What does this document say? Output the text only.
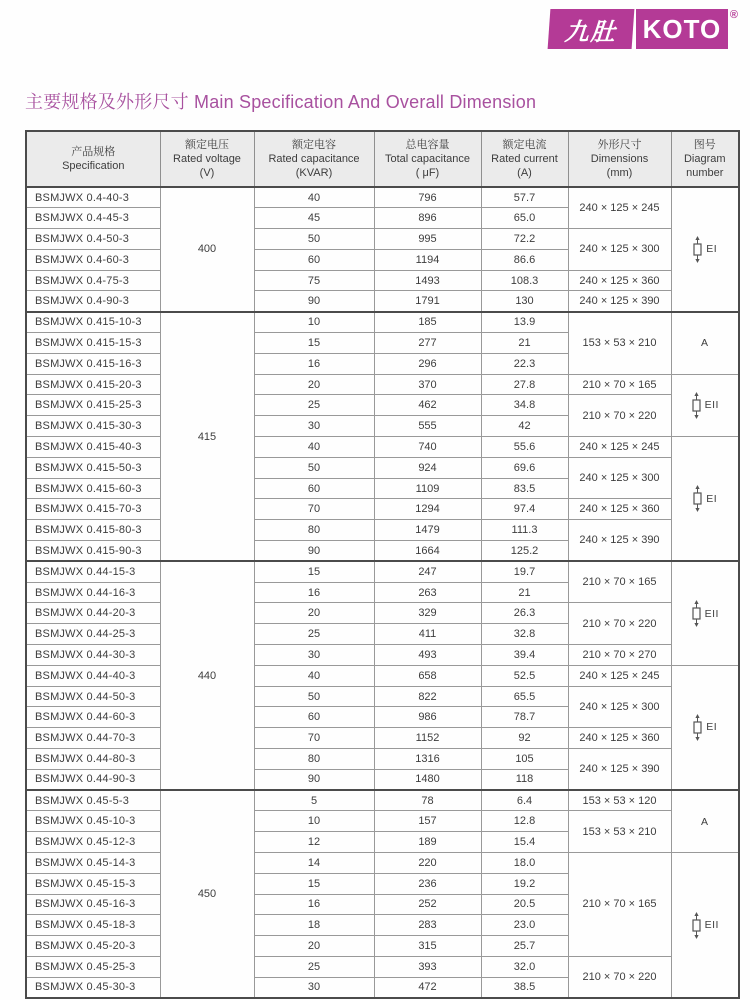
九肚 KOTO ®
主要规格及外形尺寸 Main Specification And Overall Dimension
产品规格
Specification

额定电压
Rated voltage
(V)

额定电容
Rated capacitance
(KVAR)

总电容量
Total capacitance
( μF)

额定电流
Rated current
(A)

外形尺寸
Dimensions
(mm)

图号
Diagram
number

BSMJWX 0.4-40-3	400	40	796	57.7	240 × 125 × 245	EI

BSMJWX 0.4-45-3		45	896	65.0		
BSMJWX 0.4-50-3		50	995	72.2	240 × 125 × 300	
BSMJWX 0.4-60-3		60	1194	86.6		
BSMJWX 0.4-75-3		75	1493	108.3	240 × 125 × 360	
BSMJWX 0.4-90-3		90	1791	130	240 × 125 × 390	
BSMJWX 0.415-10-3	415	10	185	13.9	153 × 53 × 210	A

BSMJWX 0.415-15-3		15	277	21		
BSMJWX 0.415-16-3		16	296	22.3		
BSMJWX 0.415-20-3		20	370	27.8	210 × 70 × 165	EII

BSMJWX 0.415-25-3		25	462	34.8	210 × 70 × 220	
BSMJWX 0.415-30-3		30	555	42		
BSMJWX 0.415-40-3		40	740	55.6	240 × 125 × 245	EI

BSMJWX 0.415-50-3		50	924	69.6	240 × 125 × 300	
BSMJWX 0.415-60-3		60	1109	83.5		
BSMJWX 0.415-70-3		70	1294	97.4	240 × 125 × 360	
BSMJWX 0.415-80-3		80	1479	111.3	240 × 125 × 390	
BSMJWX 0.415-90-3		90	1664	125.2		
BSMJWX 0.44-15-3	440	15	247	19.7	210 × 70 × 165	EII

BSMJWX 0.44-16-3		16	263	21		
BSMJWX 0.44-20-3		20	329	26.3	210 × 70 × 220	
BSMJWX 0.44-25-3		25	411	32.8		
BSMJWX 0.44-30-3		30	493	39.4	210 × 70 × 270	
BSMJWX 0.44-40-3		40	658	52.5	240 × 125 × 245	EI

BSMJWX 0.44-50-3		50	822	65.5	240 × 125 × 300	
BSMJWX 0.44-60-3		60	986	78.7		
BSMJWX 0.44-70-3		70	1152	92	240 × 125 × 360	
BSMJWX 0.44-80-3		80	1316	105	240 × 125 × 390	
BSMJWX 0.44-90-3		90	1480	118		
BSMJWX 0.45-5-3	450	5	78	6.4	153 × 53 × 120	A

BSMJWX 0.45-10-3		10	157	12.8	153 × 53 × 210	
BSMJWX 0.45-12-3		12	189	15.4		
BSMJWX 0.45-14-3		14	220	18.0	210 × 70 × 165	EII

BSMJWX 0.45-15-3		15	236	19.2		
BSMJWX 0.45-16-3		16	252	20.5		
BSMJWX 0.45-18-3		18	283	23.0		
BSMJWX 0.45-20-3		20	315	25.7		
BSMJWX 0.45-25-3		25	393	32.0	210 × 70 × 220	
BSMJWX 0.45-30-3		30	472	38.5		
